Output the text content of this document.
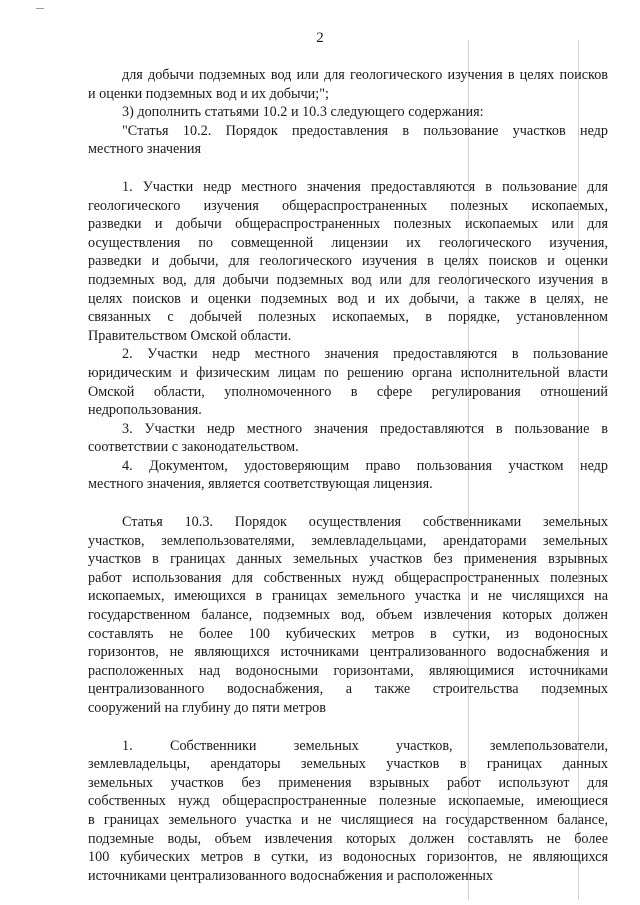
2
для добычи подземных вод или для геологического изучения в целях поисков
и оценки подземных вод и их добычи;";
3) дополнить статьями 10.2 и 10.3 следующего содержания:
"Статья 10.2. Порядок предоставления в пользование участков недр
местного значения
1. Участки недр местного значения предоставляются в пользование для
геологического изучения общераспространенных полезных ископаемых,
разведки и добычи общераспространенных полезных ископаемых или для
осуществления по совмещенной лицензии их геологического изучения,
разведки и добычи, для геологического изучения в целях поисков и оценки
подземных вод, для добычи подземных вод или для геологического изучения в
целях поисков и оценки подземных вод и их добычи, а также в целях, не
связанных с добычей полезных ископаемых, в порядке, установленном
Правительством Омской области.
2. Участки недр местного значения предоставляются в пользование
юридическим и физическим лицам по решению органа исполнительной власти
Омской области, уполномоченного в сфере регулирования отношений
недропользования.
3. Участки недр местного значения предоставляются в пользование в
соответствии с законодательством.
4. Документом, удостоверяющим право пользования участком недр
местного значения, является соответствующая лицензия.
Статья 10.3. Порядок осуществления собственниками земельных
участков, землепользователями, землевладельцами, арендаторами земельных
участков в границах данных земельных участков без применения взрывных
работ использования для собственных нужд общераспространенных полезных
ископаемых, имеющихся в границах земельного участка и не числящихся на
государственном балансе, подземных вод, объем извлечения которых должен
составлять не более 100 кубических метров в сутки, из водоносных
горизонтов, не являющихся источниками централизованного водоснабжения и
расположенных над водоносными горизонтами, являющимися источниками
централизованного водоснабжения, а также строительства подземных
сооружений на глубину до пяти метров
1. Собственники земельных участков, землепользователи,
землевладельцы, арендаторы земельных участков в границах данных
земельных участков без применения взрывных работ используют для
собственных нужд общераспространенные полезные ископаемые, имеющиеся
в границах земельного участка и не числящиеся на государственном балансе,
подземные воды, объем извлечения которых должен составлять не более
100 кубических метров в сутки, из водоносных горизонтов, не являющихся
источниками централизованного водоснабжения и расположенных
